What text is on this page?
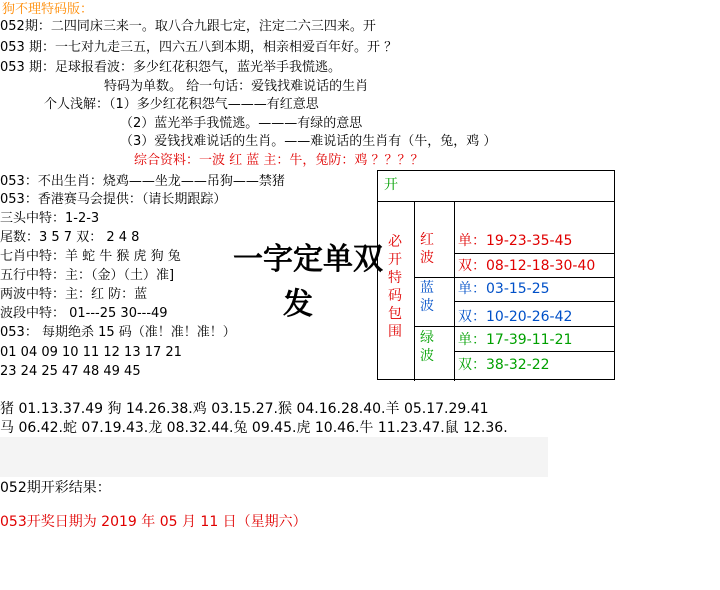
狗不理特码版：
052期：二四同床三来一。取八合九跟七定，注定二六三四来。开
053 期：一七对九走三五，四六五八到本期，相亲相爱百年好。开 ？
053 期：足球报看波：多少红花积怨气，蓝光举手我慌逃。
特码为单数。 给一句话：爱钱找难说话的生肖
个人浅解：（1）多少红花积怨气———有红意思
（2）蓝光举手我慌逃。———有绿的意思
（3）爱钱找难说话的生肖。——难说话的生肖有（牛，兔，鸡 ）
综合资料：一波 红 蓝 主：牛，兔防：鸡 ？？？？
053：不出生肖：烧鸡——坐龙——吊狗——禁猪
053：香港赛马会提供：（请长期跟踪）
三头中特：1-2-3
尾数：3 5 7 双： 2 4 8
七肖中特：羊 蛇 牛 猴 虎 狗 兔
五行中特：主：（金）（土）准]
两波中特：主：红 防：蓝
波段中特： 01---25 30---49
053： 每期绝杀 15 码（准！准！准！）
01 04 09 10 11 12 13 17 21
23 24 25 47 48 49 45
一字定单双
发
开
必
开
特
码
包
围
红
波
单：19-23-35-45
双：08-12-18-30-40
蓝
波
单：03-15-25
双：10-20-26-42
绿
波
单：17-39-11-21
双：38-32-22
猪 01.13.37.49 狗 14.26.38.鸡 03.15.27.猴 04.16.28.40.羊 05.17.29.41
马 06.42.蛇 07.19.43.龙 08.32.44.兔 09.45.虎 10.46.牛 11.23.47.鼠 12.36.
052期开彩结果：
053开奖日期为 2019 年 05 月 11 日（星期六）
